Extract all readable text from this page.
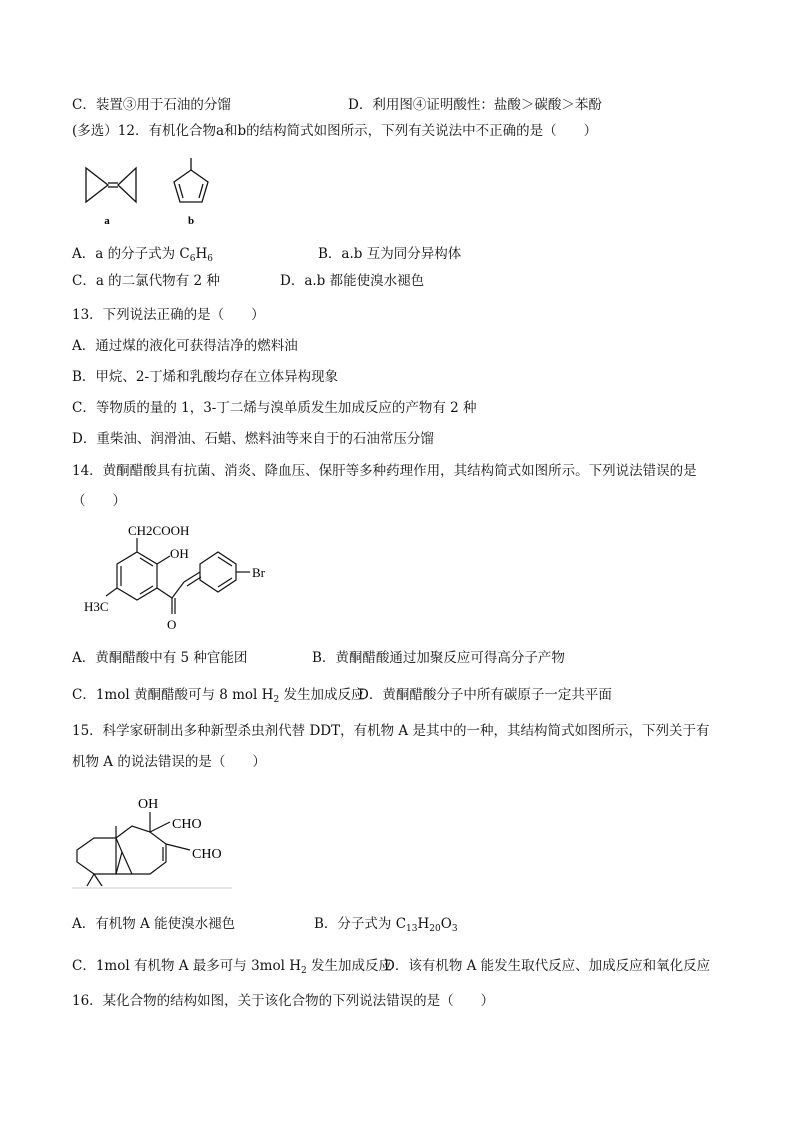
C．装置③用于石油的分馏	D．利用图④证明酸性：盐酸＞碳酸＞苯酚
(多选）12．有机化合物a和b的结构简式如图所示，下列有关说法中不正确的是（　　）
a	b
A．a 的分子式为 $C_6H_6$	B．a.b 互为同分异构体
C．a 的二氯代物有 2 种	D．a.b 都能使溴水褪色
13．下列说法正确的是（　　）
A．通过煤的液化可获得洁净的燃料油
B．甲烷、2-丁烯和乳酸均存在立体异构现象
C．等物质的量的 1，3-丁二烯与溴单质发生加成反应的产物有 2 种
D．重柴油、润滑油、石蜡、燃料油等来自于的石油常压分馏
14．黄酮醋酸具有抗菌、消炎、降血压、保肝等多种药理作用，其结构简式如图所示。下列说法错误的是
（　　）
CH2COOH
OH
Br
H3C
O
A．黄酮醋酸中有 5 种官能团	B．黄酮醋酸通过加聚反应可得高分子产物
C．1mol 黄酮醋酸可与 8 mol $H_2$ 发生加成反应
D．黄酮醋酸分子中所有碳原子一定共平面
15．科学家研制出多种新型杀虫剂代替 DDT，有机物 A 是其中的一种，其结构简式如图所示，下列关于有
机物 A 的说法错误的是（　　）
OH
CHO
CHO
A．有机物 A 能使溴水褪色	B．分子式为 $C_{13}H_{20}O_3$
C．1mol 有机物 A 最多可与 3mol $H_2$ 发生加成反应
D．该有机物 A 能发生取代反应、加成反应和氧化反应
16．某化合物的结构如图，关于该化合物的下列说法错误的是（　　）
